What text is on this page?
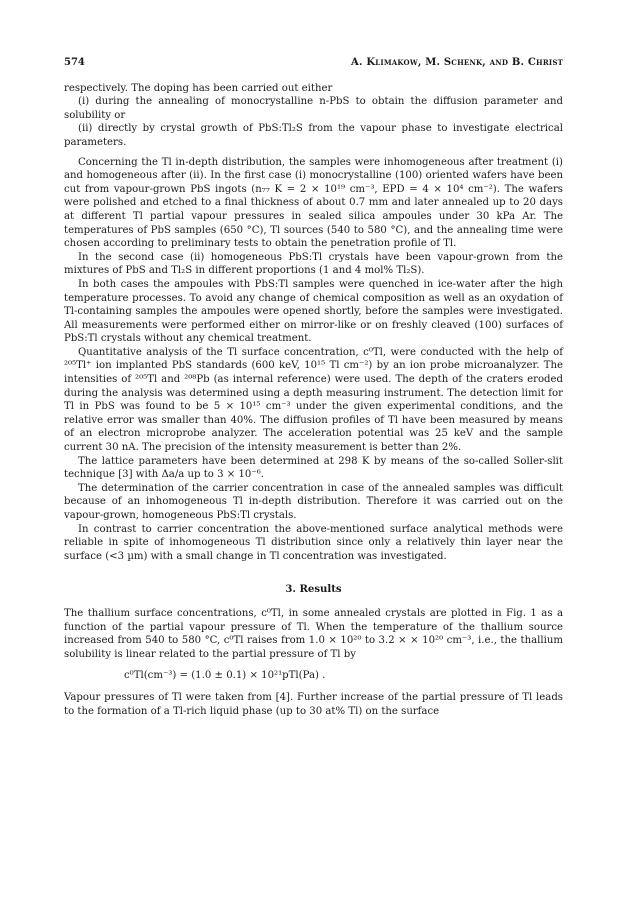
574	A. Klimakow, M. Schenk, and B. Christ

respectively. The doping has been carried out either

(i) during the annealing of monocrystalline n-PbS to obtain the diffusion parameter and solubility or

(ii) directly by crystal growth of PbS:Tl₂S from the vapour phase to investigate electrical parameters.

Concerning the Tl in-depth distribution, the samples were inhomogeneous after treatment (i) and homogeneous after (ii). In the first case (i) monocrystalline (100) oriented wafers have been cut from vapour-grown PbS ingots (n₇₇ K = 2 × 10¹⁹ cm⁻³, EPD = 4 × 10⁴ cm⁻²). The wafers were polished and etched to a final thickness of about 0.7 mm and later annealed up to 20 days at different Tl partial vapour pressures in sealed silica ampoules under 30 kPa Ar. The temperatures of PbS samples (650 °C), Tl sources (540 to 580 °C), and the annealing time were chosen according to preliminary tests to obtain the penetration profile of Tl.

In the second case (ii) homogeneous PbS:Tl crystals have been vapour-grown from the mixtures of PbS and Tl₂S in different proportions (1 and 4 mol% Tl₂S).

In both cases the ampoules with PbS:Tl samples were quenched in ice-water after the high temperature processes. To avoid any change of chemical composition as well as an oxydation of Tl-containing samples the ampoules were opened shortly, before the samples were investigated. All measurements were performed either on mirror-like or on freshly cleaved (100) surfaces of PbS:Tl crystals without any chemical treatment.

Quantitative analysis of the Tl surface concentration, c⁰Tl, were conducted with the help of ²⁰⁵Tl⁺ ion implanted PbS standards (600 keV, 10¹⁵ Tl cm⁻²) by an ion probe microanalyzer. The intensities of ²⁰⁵Tl and ²⁰⁸Pb (as internal reference) were used. The depth of the craters eroded during the analysis was determined using a depth measuring instrument. The detection limit for Tl in PbS was found to be 5 × 10¹⁵ cm⁻³ under the given experimental conditions, and the relative error was smaller than 40%. The diffusion profiles of Tl have been measured by means of an electron microprobe analyzer. The acceleration potential was 25 keV and the sample current 30 nA. The precision of the intensity measurement is better than 2%.

The lattice parameters have been determined at 298 K by means of the so-called Soller-slit technique [3] with Δa/a up to 3 × 10⁻⁶.

The determination of the carrier concentration in case of the annealed samples was difficult because of an inhomogeneous Tl in-depth distribution. Therefore it was carried out on the vapour-grown, homogeneous PbS:Tl crystals.

In contrast to carrier concentration the above-mentioned surface analytical methods were reliable in spite of inhomogeneous Tl distribution since only a relatively thin layer near the surface (<3 µm) with a small change in Tl concentration was investigated.

3. Results

The thallium surface concentrations, c⁰Tl, in some annealed crystals are plotted in Fig. 1 as a function of the partial vapour pressure of Tl. When the temperature of the thallium source increased from 540 to 580 °C, c⁰Tl raises from 1.0 × 10²⁰ to 3.2 × × 10²⁰ cm⁻³, i.e., the thallium solubility is linear related to the partial pressure of Tl by

c⁰Tl(cm⁻³) = (1.0 ± 0.1) × 10²¹pTl(Pa) .

Vapour pressures of Tl were taken from [4]. Further increase of the partial pressure of Tl leads to the formation of a Tl-rich liquid phase (up to 30 at% Tl) on the surface
